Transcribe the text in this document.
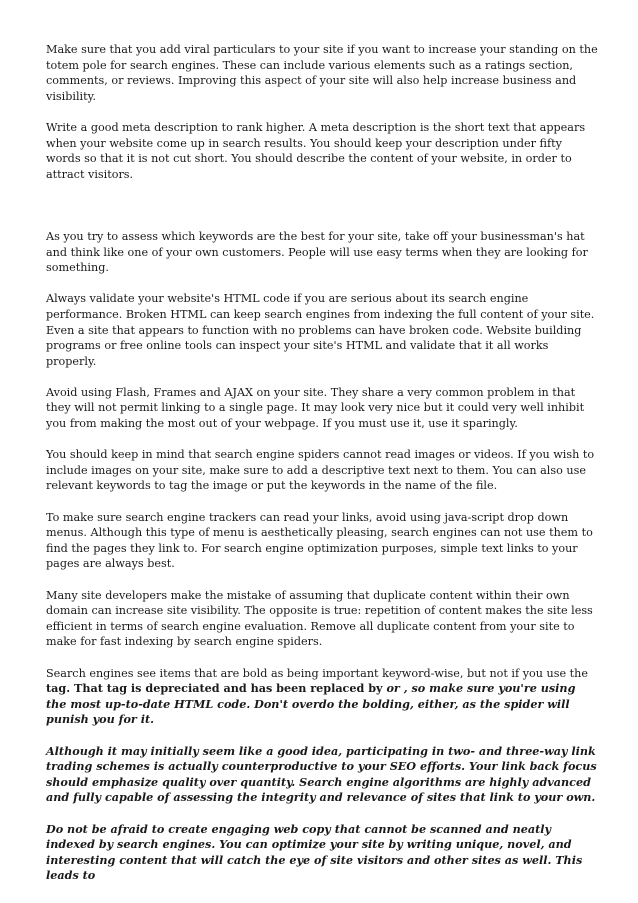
Make sure that you add viral particulars to your site if you want to increase your standing on the totem pole for search engines. These can include various elements such as a ratings section, comments, or reviews. Improving this aspect of your site will also help increase business and visibility.

Write a good meta description to rank higher. A meta description is the short text that appears when your website come up in search results. You should keep your description under fifty words so that it is not cut short. You should describe the content of your website, in order to attract visitors.

As you try to assess which keywords are the best for your site, take off your businessman's hat and think like one of your own customers. People will use easy terms when they are looking for something.

Always validate your website's HTML code if you are serious about its search engine performance. Broken HTML can keep search engines from indexing the full content of your site. Even a site that appears to function with no problems can have broken code. Website building programs or free online tools can inspect your site's HTML and validate that it all works properly.

Avoid using Flash, Frames and AJAX on your site. They share a very common problem in that they will not permit linking to a single page. It may look very nice but it could very well inhibit you from making the most out of your webpage. If you must use it, use it sparingly.

You should keep in mind that search engine spiders cannot read images or videos. If you wish to include images on your site, make sure to add a descriptive text next to them. You can also use relevant keywords to tag the image or put the keywords in the name of the file.

To make sure search engine trackers can read your links, avoid using java-script drop down menus. Although this type of menu is aesthetically pleasing, search engines can not use them to find the pages they link to. For search engine optimization purposes, simple text links to your pages are always best.

Many site developers make the mistake of assuming that duplicate content within their own domain can increase site visibility. The opposite is true: repetition of content makes the site less efficient in terms of search engine evaluation. Remove all duplicate content from your site to make for fast indexing by search engine spiders.

Search engines see items that are bold as being important keyword-wise, but not if you use the tag. That tag is depreciated and has been replaced by or , so make sure you're using the most up-to-date HTML code. Don't overdo the bolding, either, as the spider will punish you for it.

Although it may initially seem like a good idea, participating in two- and three-way link trading schemes is actually counterproductive to your SEO efforts. Your link back focus should emphasize quality over quantity. Search engine algorithms are highly advanced and fully capable of assessing the integrity and relevance of sites that link to your own.

Do not be afraid to create engaging web copy that cannot be scanned and neatly indexed by search engines. You can optimize your site by writing unique, novel, and interesting content that will catch the eye of site visitors and other sites as well. This leads to
